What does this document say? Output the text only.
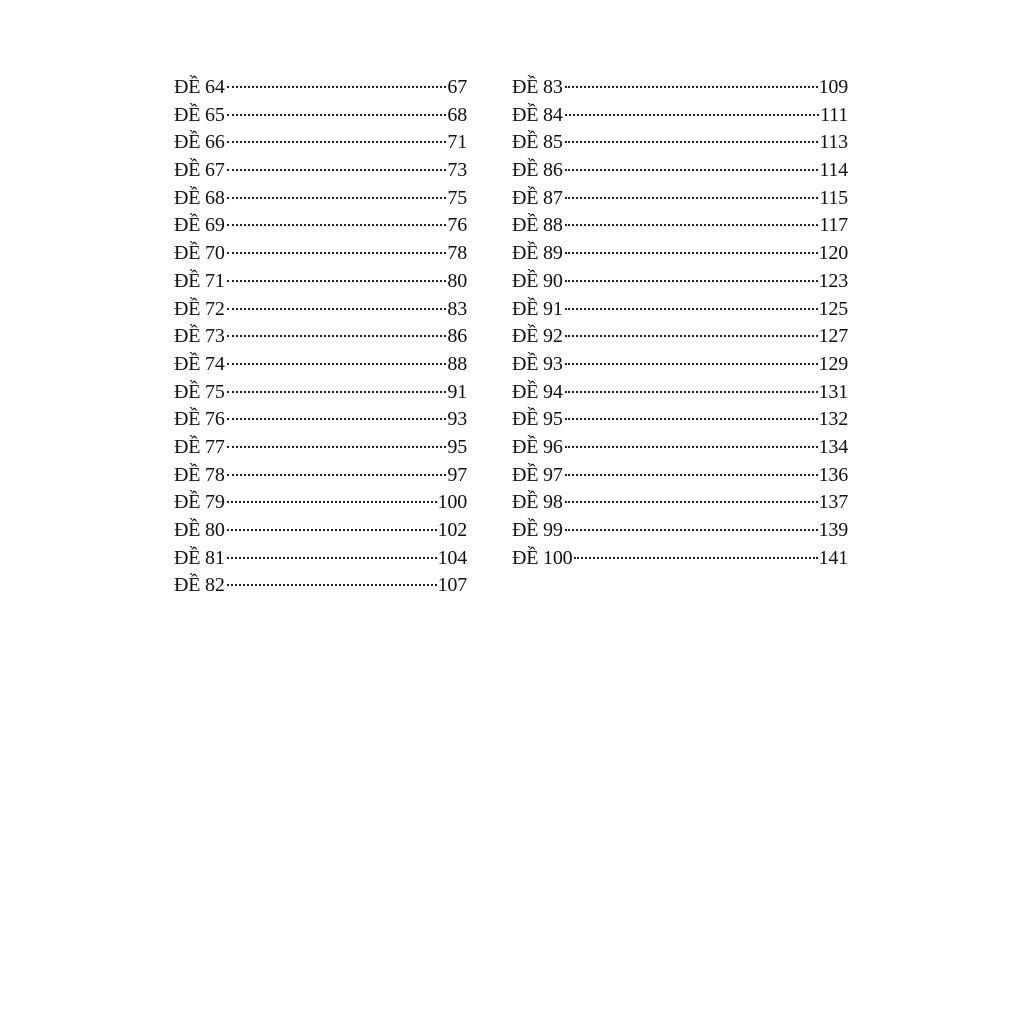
ĐỀ 64	67
ĐỀ 65	68
ĐỀ 66	71
ĐỀ 67	73
ĐỀ 68	75
ĐỀ 69	76
ĐỀ 70	78
ĐỀ 71	80
ĐỀ 72	83
ĐỀ 73	86
ĐỀ 74	88
ĐỀ 75	91
ĐỀ 76	93
ĐỀ 77	95
ĐỀ 78	97
ĐỀ 79	100
ĐỀ 80	102
ĐỀ 81	104
ĐỀ 82	107
ĐỀ 83	109
ĐỀ 84	111
ĐỀ 85	113
ĐỀ 86	114
ĐỀ 87	115
ĐỀ 88	117
ĐỀ 89	120
ĐỀ 90	123
ĐỀ 91	125
ĐỀ 92	127
ĐỀ 93	129
ĐỀ 94	131
ĐỀ 95	132
ĐỀ 96	134
ĐỀ 97	136
ĐỀ 98	137
ĐỀ 99	139
ĐỀ 100	141
